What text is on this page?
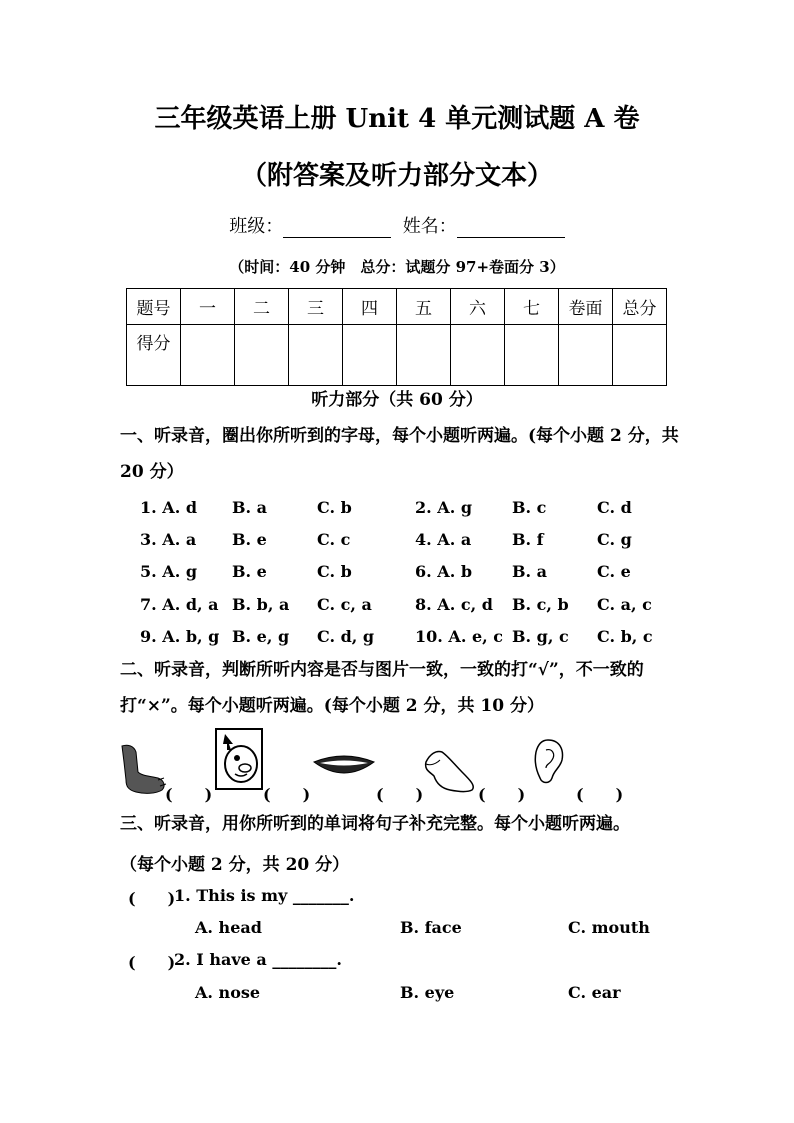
三年级英语上册 Unit 4 单元测试题 A 卷
（附答案及听力部分文本）
班级：	姓名：
（时间：40 分钟　总分：试题分 97+卷面分 3）
题号	一	二	三	四	五	六	七	卷面	总分
得分									
听力部分（共 60 分）
一、听录音，圈出你所听到的字母，每个小题听两遍。(每个小题 2 分，共 20 分）
1. A. d B. a	C. b	2. A. g B. c	C. d
3. A. a B. e	C. c	4. A. a	B. f	C. g
5. A. g B. e	C. b	6. A. b B. a	C. e
7. A. d, a B. b, a C. c, a	8. A. c, d B. c, b C. a, c
9. A. b, g B. e, g C. d, g	10. A. e, c B. g, c C. b, c
二、听录音，判断所听内容是否与图片一致，一致的打“√”，不一致的打“×”。每个小题听两遍。(每个小题 2 分，共 10 分）
(　　)	(　　)	(　　)	(　　)	(　　)
三、听录音，用你所听到的单词将句子补充完整。每个小题听两遍。
（每个小题 2 分，共 20 分）
(　　)
1. This is my _______.
A. head	B. face	C. mouth
(　　)
2. I have a ________.
A. nose	B. eye	C. ear
